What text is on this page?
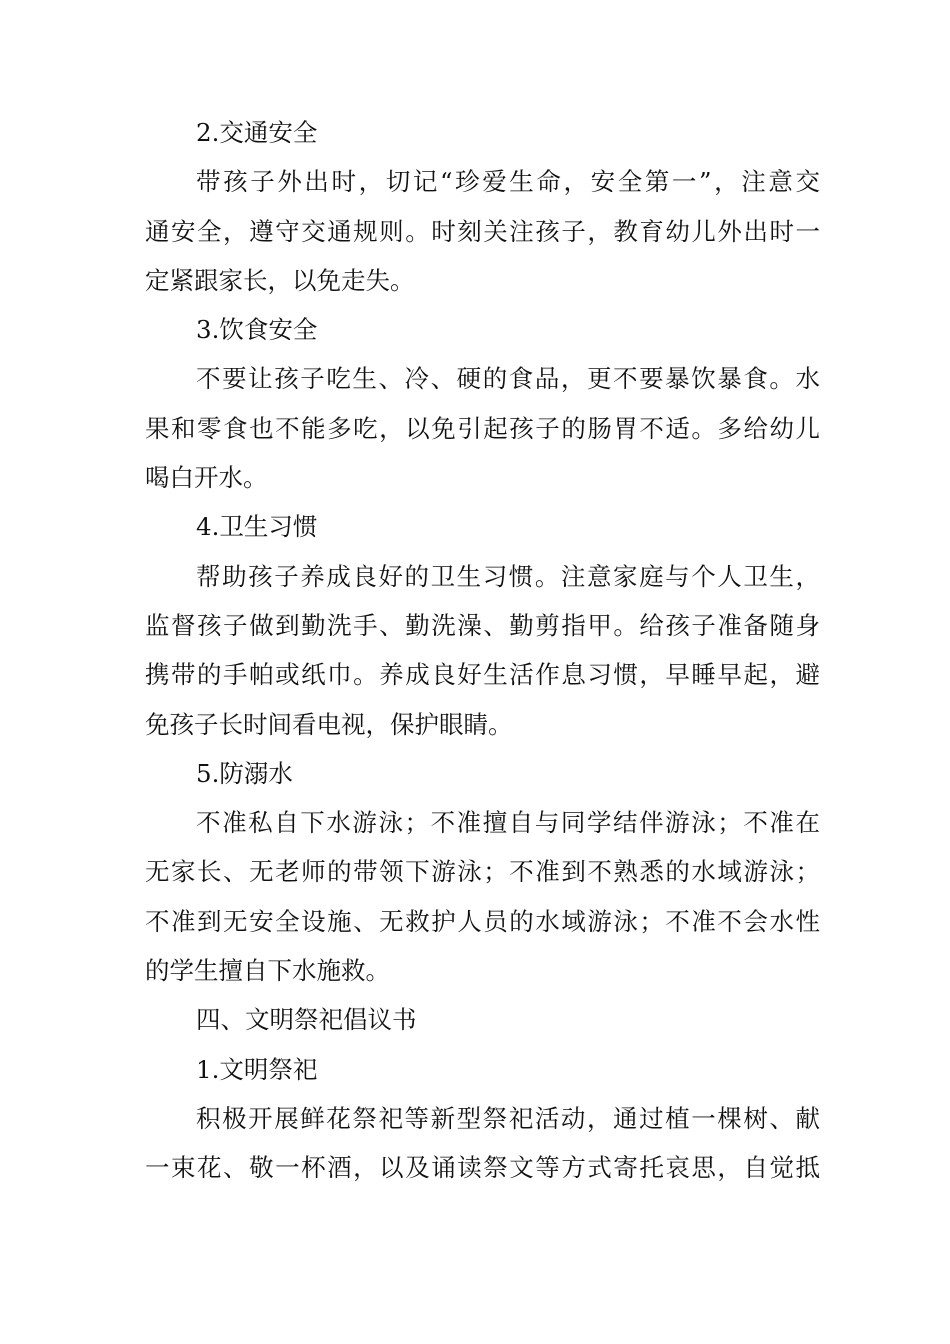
2.交通安全
带孩子外出时，切记“珍爱生命，安全第一”，注意交
通安全，遵守交通规则。时刻关注孩子，教育幼儿外出时一
定紧跟家长，以免走失。
3.饮食安全
不要让孩子吃生、冷、硬的食品，更不要暴饮暴食。水
果和零食也不能多吃，以免引起孩子的肠胃不适。多给幼儿
喝白开水。
4.卫生习惯
帮助孩子养成良好的卫生习惯。注意家庭与个人卫生，
监督孩子做到勤洗手、勤洗澡、勤剪指甲。给孩子准备随身
携带的手帕或纸巾。养成良好生活作息习惯，早睡早起，避
免孩子长时间看电视，保护眼睛。
5.防溺水
不准私自下水游泳；不准擅自与同学结伴游泳；不准在
无家长、无老师的带领下游泳；不准到不熟悉的水域游泳；
不准到无安全设施、无救护人员的水域游泳；不准不会水性
的学生擅自下水施救。
四、文明祭祀倡议书
1.文明祭祀
积极开展鲜花祭祀等新型祭祀活动，通过植一棵树、献
一束花、敬一杯酒，以及诵读祭文等方式寄托哀思，自觉抵
